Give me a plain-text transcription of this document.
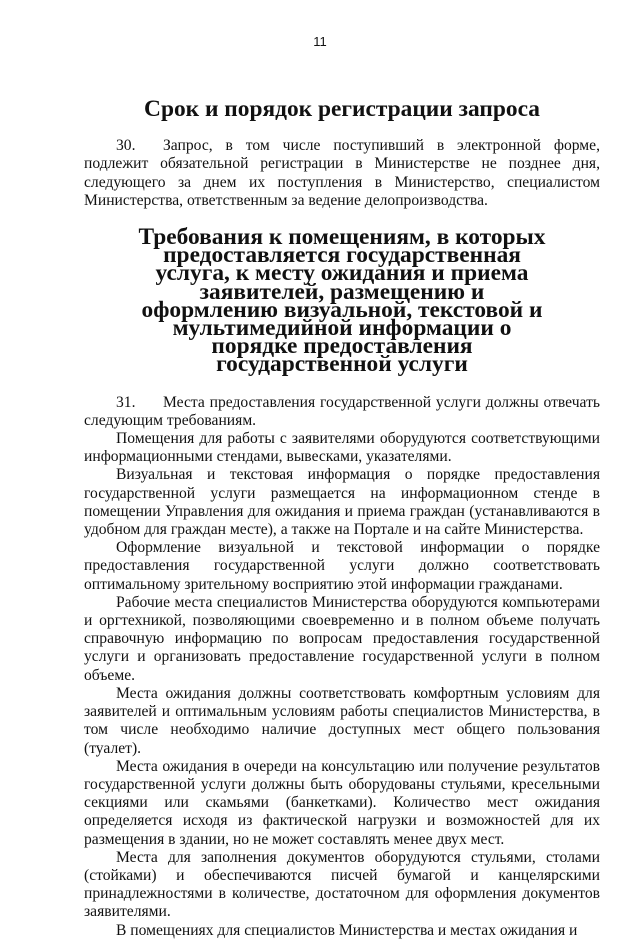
11
Срок и порядок регистрации запроса

30. Запрос, в том числе поступивший в электронной форме, подлежит обязательной регистрации в Министерстве не позднее дня, следующего за днем их поступления в Министерство, специалистом Министерства, ответственным за ведение делопроизводства.

Требования к помещениям, в которых предоставляется государственная услуга, к месту ожидания и приема заявителей, размещению и оформлению визуальной, текстовой и мультимедийной информации о порядке предоставления государственной услуги

31. Места предоставления государственной услуги должны отвечать следующим требованиям.

Помещения для работы с заявителями оборудуются соответствующими информационными стендами, вывесками, указателями.

Визуальная и текстовая информация о порядке предоставления государственной услуги размещается на информационном стенде в помещении Управления для ожидания и приема граждан (устанавливаются в удобном для граждан месте), а также на Портале и на сайте Министерства.

Оформление визуальной и текстовой информации о порядке предоставления государственной услуги должно соответствовать оптимальному зрительному восприятию этой информации гражданами.

Рабочие места специалистов Министерства оборудуются компьютерами и оргтехникой, позволяющими своевременно и в полном объеме получать справочную информацию по вопросам предоставления государственной услуги и организовать предоставление государственной услуги в полном объеме.

Места ожидания должны соответствовать комфортным условиям для заявителей и оптимальным условиям работы специалистов Министерства, в том числе необходимо наличие доступных мест общего пользования (туалет).

Места ожидания в очереди на консультацию или получение результатов государственной услуги должны быть оборудованы стульями, кресельными секциями или скамьями (банкетками). Количество мест ожидания определяется исходя из фактической нагрузки и возможностей для их размещения в здании, но не может составлять менее двух мест.

Места для заполнения документов оборудуются стульями, столами (стойками) и обеспечиваются писчей бумагой и канцелярскими принадлежностями в количестве, достаточном для оформления документов заявителями.

В помещениях для специалистов Министерства и местах ожидания и
